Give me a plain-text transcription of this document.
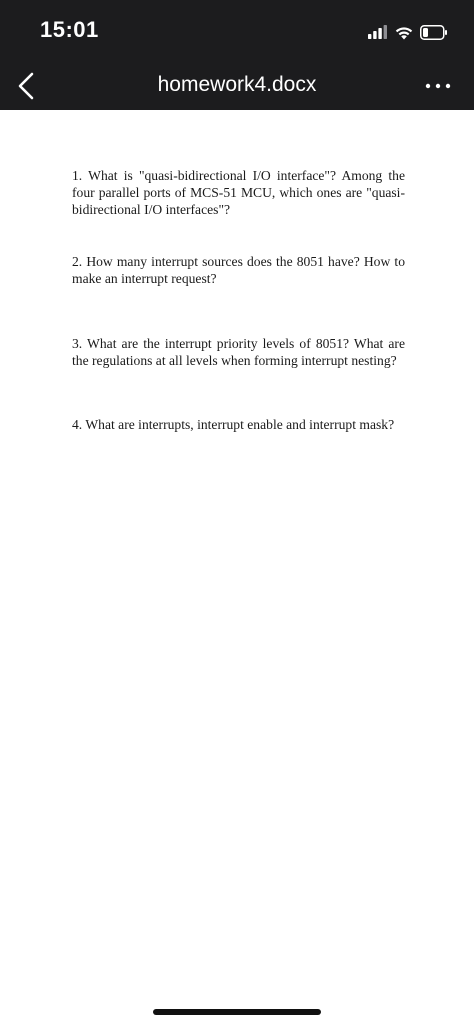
15:01
homework4.docx

1. What is "quasi-bidirectional I/O interface"? Among the four parallel ports of MCS-51 MCU, which ones are "quasi-bidirectional I/O interfaces"?

2. How many interrupt sources does the 8051 have? How to make an interrupt request?

3. What are the interrupt priority levels of 8051? What are the regulations at all levels when forming interrupt nesting?

4. What are interrupts, interrupt enable and interrupt mask?
